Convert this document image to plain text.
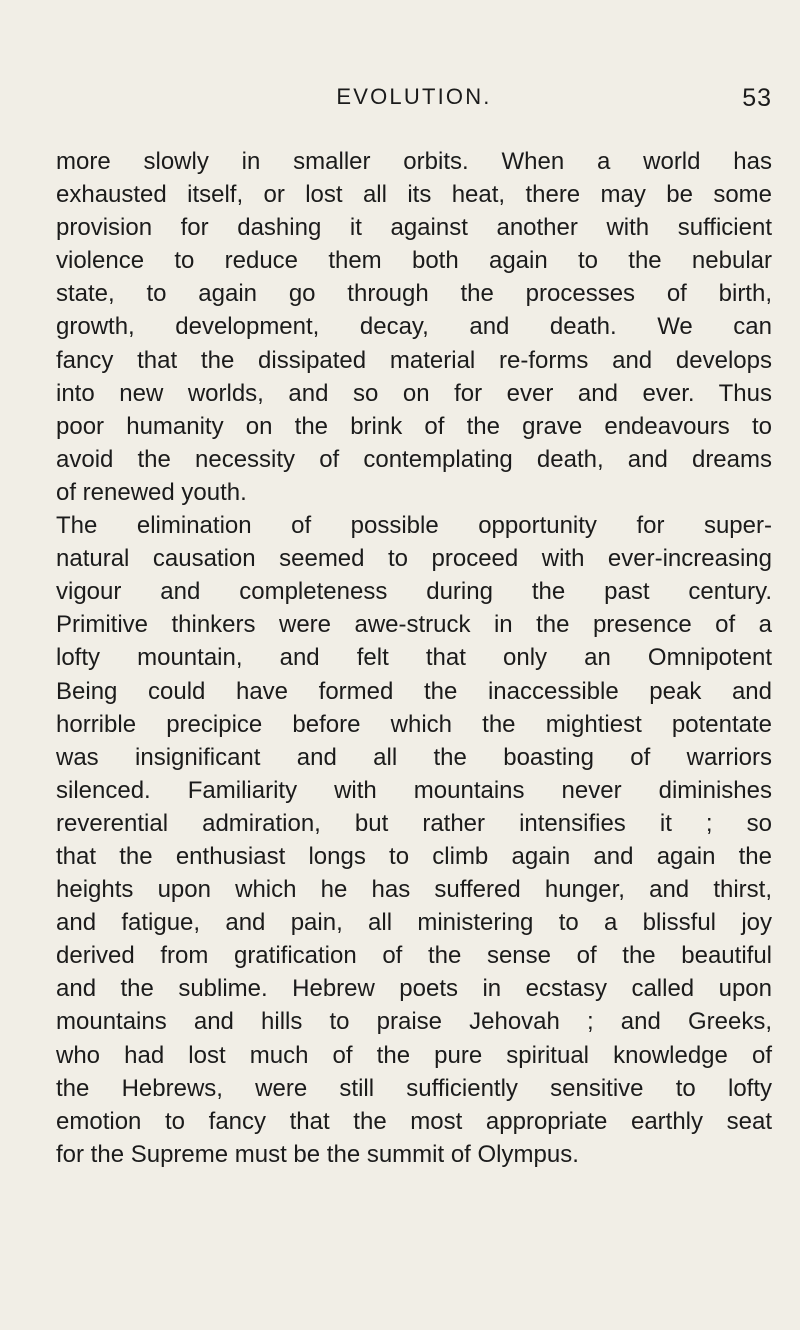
EVOLUTION.	53
more slowly in smaller orbits. When a world has
exhausted itself, or lost all its heat, there may be some
provision for dashing it against another with sufficient
violence to reduce them both again to the nebular
state, to again go through the processes of birth,
growth, development, decay, and death. We can
fancy that the dissipated material re-forms and develops
into new worlds, and so on for ever and ever. Thus
poor humanity on the brink of the grave endeavours to
avoid the necessity of contemplating death, and dreams
of renewed youth.
The elimination of possible opportunity for super-
natural causation seemed to proceed with ever-increasing
vigour and completeness during the past century.
Primitive thinkers were awe-struck in the presence of a
lofty mountain, and felt that only an Omnipotent
Being could have formed the inaccessible peak and
horrible precipice before which the mightiest potentate
was insignificant and all the boasting of warriors
silenced. Familiarity with mountains never diminishes
reverential admiration, but rather intensifies it ; so
that the enthusiast longs to climb again and again the
heights upon which he has suffered hunger, and thirst,
and fatigue, and pain, all ministering to a blissful joy
derived from gratification of the sense of the beautiful
and the sublime. Hebrew poets in ecstasy called upon
mountains and hills to praise Jehovah ; and Greeks,
who had lost much of the pure spiritual knowledge of
the Hebrews, were still sufficiently sensitive to lofty
emotion to fancy that the most appropriate earthly seat
for the Supreme must be the summit of Olympus.
